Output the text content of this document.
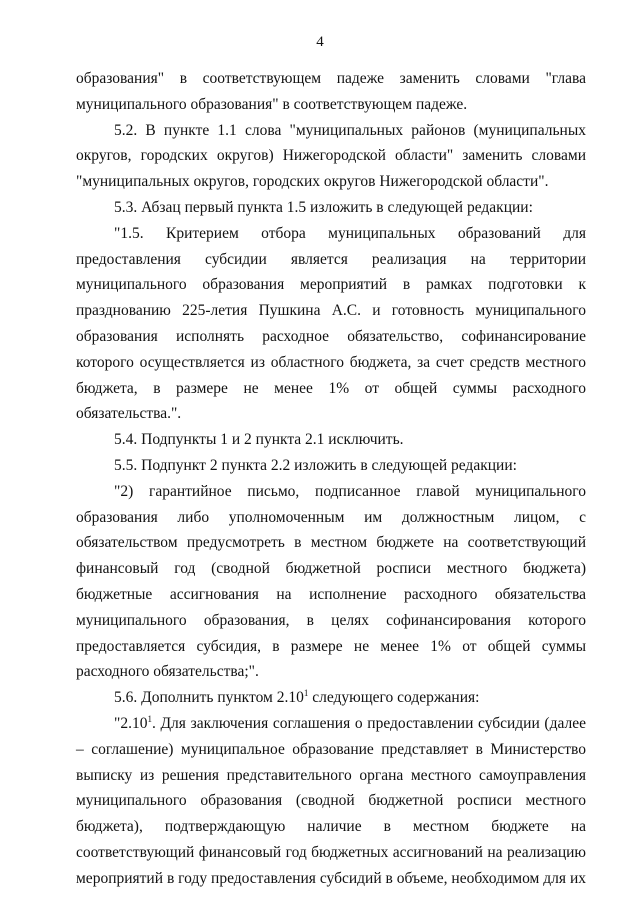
4

образования" в соответствующем падеже заменить словами "глава муниципального образования" в соответствующем падеже.

5.2. В пункте 1.1 слова "муниципальных районов (муниципальных округов, городских округов) Нижегородской области" заменить словами "муниципальных округов, городских округов Нижегородской области".

5.3. Абзац первый пункта 1.5 изложить в следующей редакции:

"1.5. Критерием отбора муниципальных образований для предоставления субсидии является реализация на территории муниципального образования мероприятий в рамках подготовки к празднованию 225-летия Пушкина А.С. и готовность муниципального образования исполнять расходное обязательство, софинансирование которого осуществляется из областного бюджета, за счет средств местного бюджета, в размере не менее 1% от общей суммы расходного обязательства.".

5.4. Подпункты 1 и 2 пункта 2.1 исключить.

5.5. Подпункт 2 пункта 2.2 изложить в следующей редакции:

"2) гарантийное письмо, подписанное главой муниципального образования либо уполномоченным им должностным лицом, с обязательством предусмотреть в местном бюджете на соответствующий финансовый год (сводной бюджетной росписи местного бюджета) бюджетные ассигнования на исполнение расходного обязательства муниципального образования, в целях софинансирования которого предоставляется субсидия, в размере не менее 1% от общей суммы расходного обязательства;".

5.6. Дополнить пунктом 2.10$^1$ следующего содержания:

"2.10$^1$. Для заключения соглашения о предоставлении субсидии (далее – соглашение) муниципальное образование представляет в Министерство выписку из решения представительного органа местного самоуправления муниципального образования (сводной бюджетной росписи местного бюджета), подтверждающую наличие в местном бюджете на соответствующий финансовый год бюджетных ассигнований на реализацию мероприятий в году предоставления субсидий в объеме, необходимом для их
